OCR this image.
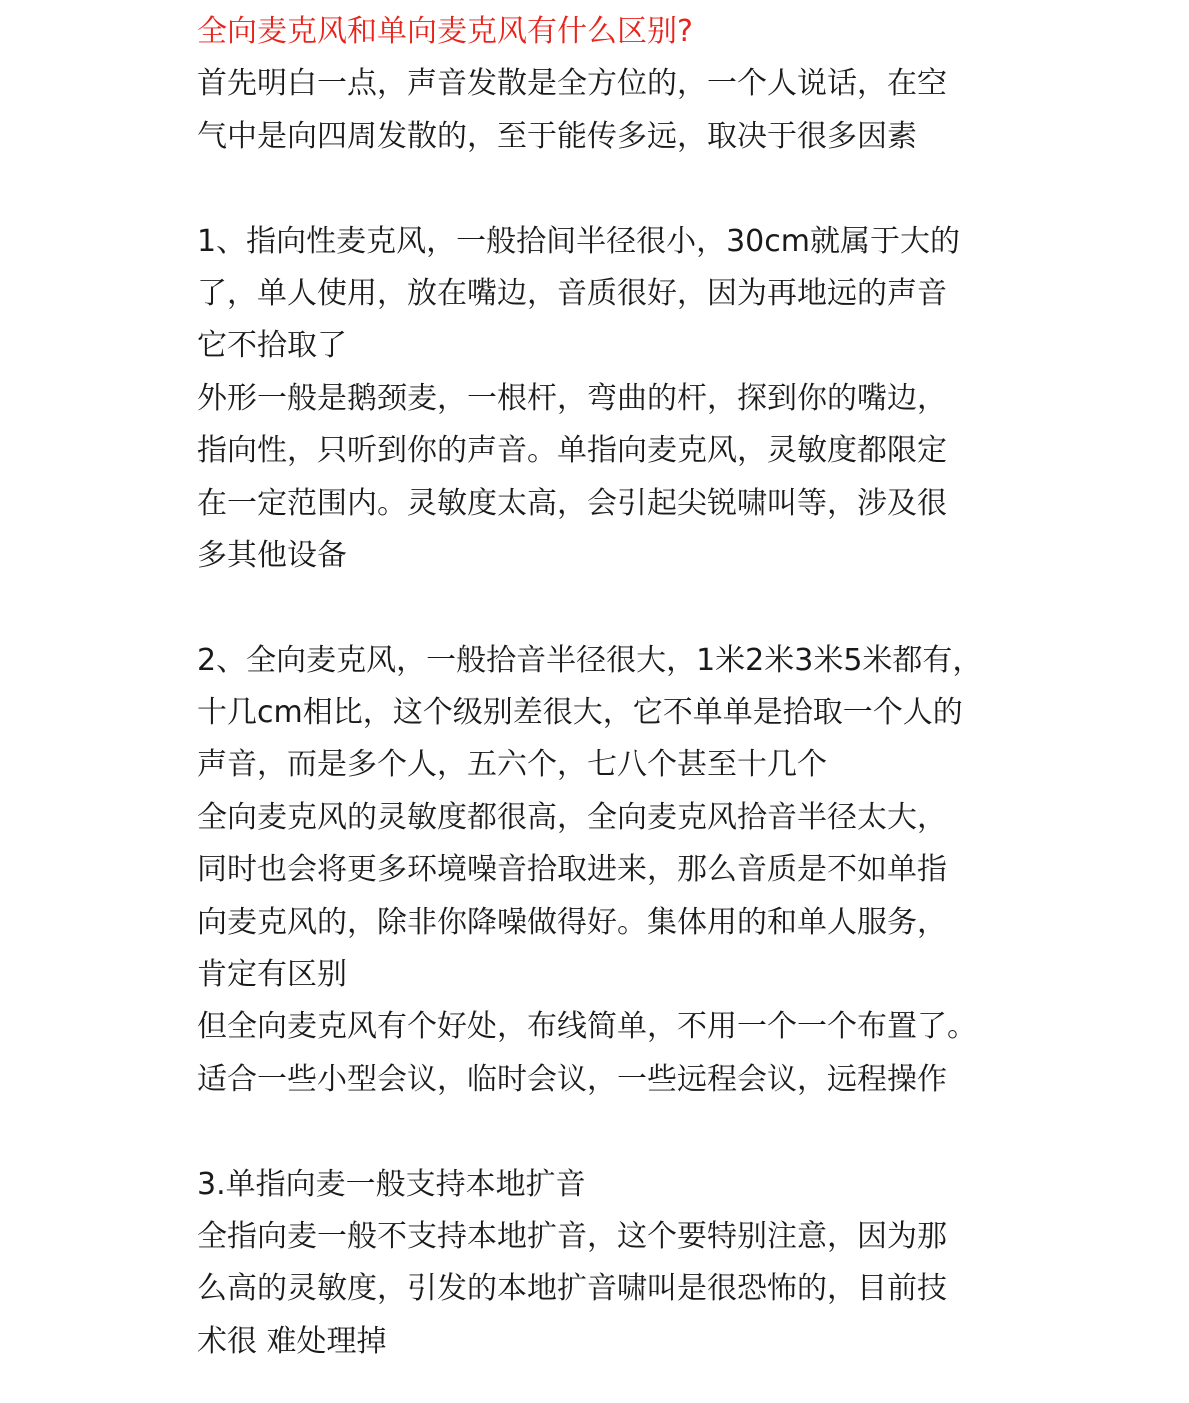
全向麦克风和单向麦克风有什么区别?
首先明白一点，声音发散是全方位的，一个人说话，在空
气中是向四周发散的，至于能传多远，取决于很多因素
1、指向性麦克风，一般拾间半径很小，30cm就属于大的
了，单人使用，放在嘴边，音质很好，因为再地远的声音
它不拾取了
外形一般是鹅颈麦，一根杆，弯曲的杆，探到你的嘴边，
指向性，只听到你的声音。单指向麦克风，灵敏度都限定
在一定范围内。灵敏度太高，会引起尖锐啸叫等，涉及很
多其他设备
2、全向麦克风，一般拾音半径很大，1米2米3米5米都有，
十几cm相比，这个级别差很大，它不单单是拾取一个人的
声音，而是多个人，五六个，七八个甚至十几个
全向麦克风的灵敏度都很高，全向麦克风拾音半径太大，
同时也会将更多环境噪音拾取进来，那么音质是不如单指
向麦克风的，除非你降噪做得好。集体用的和单人服务，
肯定有区别
但全向麦克风有个好处，布线简单，不用一个一个布置了。
适合一些小型会议，临时会议，一些远程会议，远程操作
3.单指向麦一般支持本地扩音
全指向麦一般不支持本地扩音，这个要特别注意，因为那
么高的灵敏度，引发的本地扩音啸叫是很恐怖的，目前技
术很 难处理掉
